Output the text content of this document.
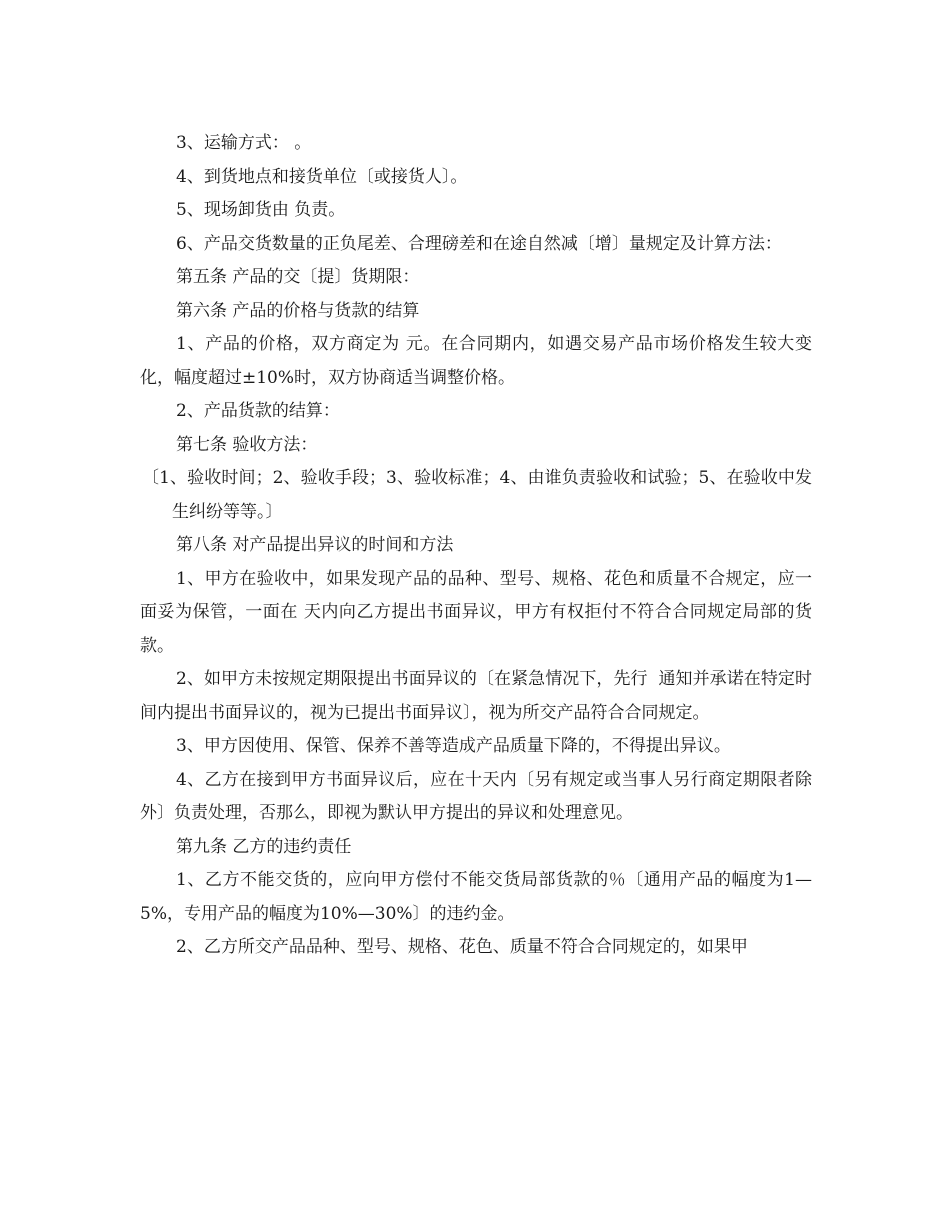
3、运输方式： 。

4、到货地点和接货单位〔或接货人〕。

5、现场卸货由 负责。

6、产品交货数量的正负尾差、合理磅差和在途自然减〔增〕量规定及计算方法：

第五条 产品的交〔提〕货期限：

第六条 产品的价格与货款的结算

1、产品的价格，双方商定为 元。在合同期内，如遇交易产品市场价格发生较大变化，幅度超过±10%时，双方协商适当调整价格。

2、产品货款的结算：

第七条 验收方法：

〔1、验收时间；2、验收手段；3、验收标准；4、由谁负责验收和试验；5、在验收中发生纠纷等等。〕

第八条 对产品提出异议的时间和方法

1、甲方在验收中，如果发现产品的品种、型号、规格、花色和质量不合规定，应一面妥为保管，一面在 天内向乙方提出书面异议，甲方有权拒付不符合合同规定局部的货款。

2、如甲方未按规定期限提出书面异议的〔在紧急情况下，先行  通知并承诺在特定时间内提出书面异议的，视为已提出书面异议〕，视为所交产品符合合同规定。

3、甲方因使用、保管、保养不善等造成产品质量下降的，不得提出异议。

4、乙方在接到甲方书面异议后，应在十天内〔另有规定或当事人另行商定期限者除外〕负责处理，否那么，即视为默认甲方提出的异议和处理意见。

第九条 乙方的违约责任

1、乙方不能交货的，应向甲方偿付不能交货局部货款的％〔通用产品的幅度为1—5%，专用产品的幅度为10%—30%〕的违约金。

2、乙方所交产品品种、型号、规格、花色、质量不符合合同规定的，如果甲
